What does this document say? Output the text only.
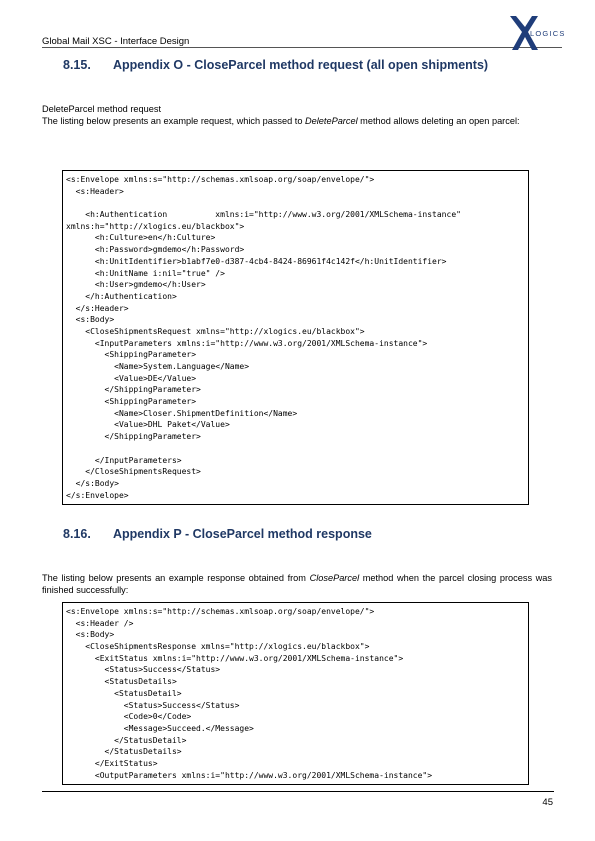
Global Mail XSC - Interface Design
LOGICS
8.15. Appendix O - CloseParcel method request (all open shipments)
DeleteParcel method request
The listing below presents an example request, which passed to DeleteParcel method allows deleting an open parcel:
<s:Envelope xmlns:s="http://schemas.xmlsoap.org/soap/envelope/">
<s:Header>
<h:Authentication          xmlns:i="http://www.w3.org/2001/XMLSchema-instance"
xmlns:h="http://xlogics.eu/blackbox">
<h:Culture>en</h:Culture>
<h:Password>gmdemo</h:Password>
<h:UnitIdentifier>b1abf7e0-d387-4cb4-8424-86961f4c142f</h:UnitIdentifier>
<h:UnitName i:nil="true" />
<h:User>gmdemo</h:User>
</h:Authentication>
</s:Header>
<s:Body>
<CloseShipmentsRequest xmlns="http://xlogics.eu/blackbox">
<InputParameters xmlns:i="http://www.w3.org/2001/XMLSchema-instance">
<ShippingParameter>
<Name>System.Language</Name>
<Value>DE</Value>
</ShippingParameter>
<ShippingParameter>
<Name>Closer.ShipmentDefinition</Name>
<Value>DHL Paket</Value>
</ShippingParameter>
</InputParameters>
</CloseShipmentsRequest>
</s:Body>
</s:Envelope>
8.16. Appendix P - CloseParcel method response
The listing below presents an example response obtained from CloseParcel method when the parcel closing process was finished successfully:
<s:Envelope xmlns:s="http://schemas.xmlsoap.org/soap/envelope/">
<s:Header />
<s:Body>
<CloseShipmentsResponse xmlns="http://xlogics.eu/blackbox">
<ExitStatus xmlns:i="http://www.w3.org/2001/XMLSchema-instance">
<Status>Success</Status>
<StatusDetails>
<StatusDetail>
<Status>Success</Status>
<Code>0</Code>
<Message>Succeed.</Message>
</StatusDetail>
</StatusDetails>
</ExitStatus>
<OutputParameters xmlns:i="http://www.w3.org/2001/XMLSchema-instance">
45
